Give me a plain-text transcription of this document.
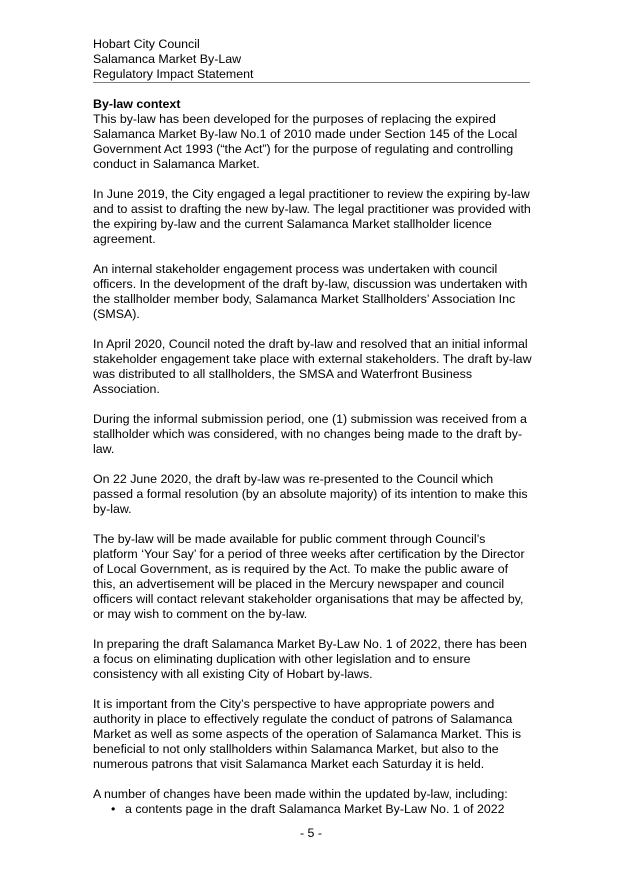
Hobart City Council
Salamanca Market By-Law
Regulatory Impact Statement
By-law context

This by-law has been developed for the purposes of replacing the expired Salamanca Market By-law No.1 of 2010 made under Section 145 of the Local Government Act 1993 (“the Act”) for the purpose of regulating and controlling conduct in Salamanca Market.

In June 2019, the City engaged a legal practitioner to review the expiring by-law and to assist to drafting the new by-law. The legal practitioner was provided with the expiring by-law and the current Salamanca Market stallholder licence agreement.

An internal stakeholder engagement process was undertaken with council officers. In the development of the draft by-law, discussion was undertaken with the stallholder member body, Salamanca Market Stallholders’ Association Inc (SMSA).

In April 2020, Council noted the draft by-law and resolved that an initial informal stakeholder engagement take place with external stakeholders. The draft by-law was distributed to all stallholders, the SMSA and Waterfront Business Association.

During the informal submission period, one (1) submission was received from a stallholder which was considered, with no changes being made to the draft by-law.

On 22 June 2020, the draft by-law was re-presented to the Council which passed a formal resolution (by an absolute majority) of its intention to make this by-law.

The by-law will be made available for public comment through Council’s platform ‘Your Say’ for a period of three weeks after certification by the Director of Local Government, as is required by the Act. To make the public aware of this, an advertisement will be placed in the Mercury newspaper and council officers will contact relevant stakeholder organisations that may be affected by, or may wish to comment on the by-law.

In preparing the draft Salamanca Market By-Law No. 1 of 2022, there has been a focus on eliminating duplication with other legislation and to ensure consistency with all existing City of Hobart by-laws.

It is important from the City’s perspective to have appropriate powers and authority in place to effectively regulate the conduct of patrons of Salamanca Market as well as some aspects of the operation of Salamanca Market. This is beneficial to not only stallholders within Salamanca Market, but also to the numerous patrons that visit Salamanca Market each Saturday it is held.

A number of changes have been made within the updated by-law, including:

• a contents page in the draft Salamanca Market By-Law No. 1 of 2022
- 5 -
